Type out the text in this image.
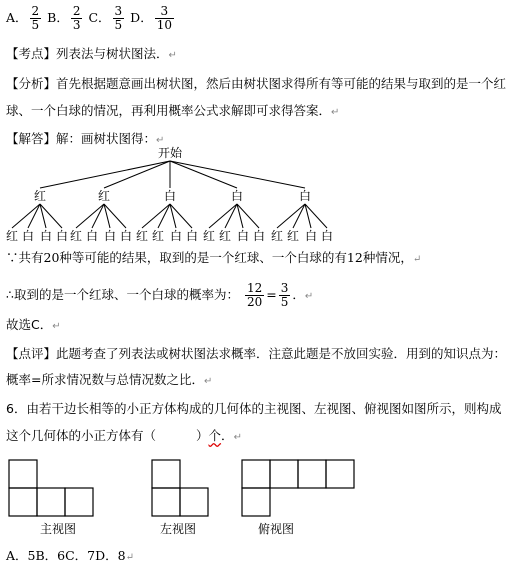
A． $\frac{2}{5}$ B． $\frac{2}{3}$ C． $\frac{3}{5}$ D． $\frac{3}{10}$
【考点】列表法与树状图法．↵
【分析】首先根据题意画出树状图，然后由树状图求得所有等可能的结果与取到的是一个红
球、一个白球的情况，再利用概率公式求解即可求得答案．↵
【解答】解：画树状图得：↵
开始
红
红 白 白 白
红
红 白 白 白
白
红 红 白 白
白
红 红 白 白
白
红 红 白 白
∵共有20种等可能的结果，取到的是一个红球、一个白球的有12种情况，↵
∴取到的是一个红球、一个白球的概率为： $\frac{12}{20} = \frac{3}{5}$ ．↵
故选C．↵
【点评】此题考查了列表法或树状图法求概率．注意此题是不放回实验．用到的知识点为：
概率=所求情况数与总情况数之比．↵
6．由若干边长相等的小正方体构成的几何体的主视图、左视图、俯视图如图所示，则构成
这个几何体的小正方体有（	）个．↵
主视图	左视图	俯视图
A．5B．6C．7D．8↵
